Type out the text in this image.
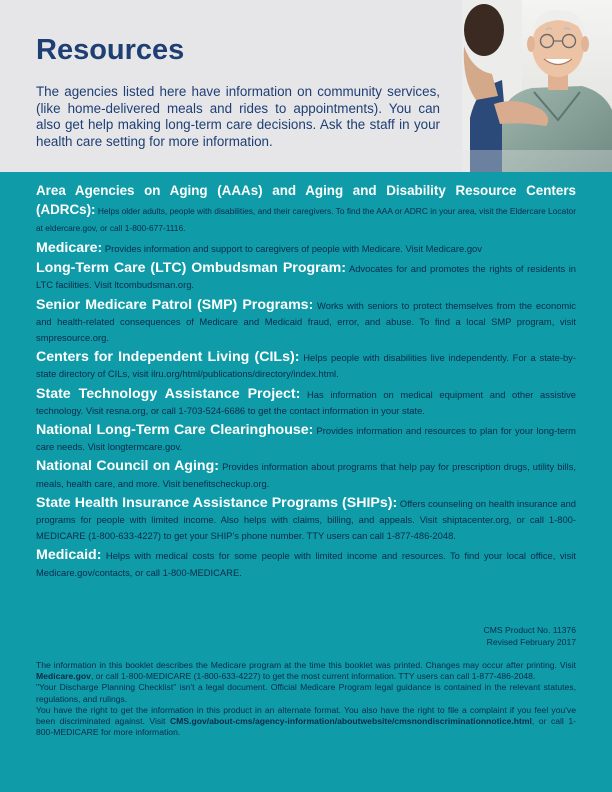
Resources

The agencies listed here have information on community services, (like home-delivered meals and rides to appointments). You can also get help making long-term care decisions. Ask the staff in your health care setting for more information.

Area Agencies on Aging (AAAs) and Aging and Disability Resource Centers (ADRCs): Helps older adults, people with disabilities, and their caregivers. To find the AAA or ADRC in your area, visit the Eldercare Locator at eldercare.gov, or call 1-800-677-1116.

Medicare: Provides information and support to caregivers of people with Medicare. Visit Medicare.gov

Long-Term Care (LTC) Ombudsman Program: Advocates for and promotes the rights of residents in LTC facilities. Visit ltcombudsman.org.

Senior Medicare Patrol (SMP) Programs: Works with seniors to protect themselves from the economic and health-related consequences of Medicare and Medicaid fraud, error, and abuse. To find a local SMP program, visit smpresource.org.

Centers for Independent Living (CILs): Helps people with disabilities live independently. For a state-by-state directory of CILs, visit ilru.org/html/publications/directory/index.html.

State Technology Assistance Project: Has information on medical equipment and other assistive technology. Visit resna.org, or call 1-703-524-6686 to get the contact information in your state.

National Long-Term Care Clearinghouse: Provides information and resources to plan for your long-term care needs. Visit longtermcare.gov.

National Council on Aging: Provides information about programs that help pay for prescription drugs, utility bills, meals, health care, and more. Visit benefitscheckup.org.

State Health Insurance Assistance Programs (SHIPs): Offers counseling on health insurance and programs for people with limited income. Also helps with claims, billing, and appeals. Visit shiptacenter.org, or call 1-800-MEDICARE (1-800-633-4227) to get your SHIP's phone number. TTY users can call 1-877-486-2048.

Medicaid: Helps with medical costs for some people with limited income and resources. To find your local office, visit Medicare.gov/contacts, or call 1-800-MEDICARE.

CMS Product No. 11376
Revised February 2017

The information in this booklet describes the Medicare program at the time this booklet was printed. Changes may occur after printing. Visit Medicare.gov, or call 1-800-MEDICARE (1-800-633-4227) to get the most current information. TTY users can call 1-877-486-2048.

"Your Discharge Planning Checklist" isn't a legal document. Official Medicare Program legal guidance is contained in the relevant statutes, regulations, and rulings.

You have the right to get the information in this product in an alternate format. You also have the right to file a complaint if you feel you've been discriminated against. Visit CMS.gov/about-cms/agency-information/aboutwebsite/cmsnondiscriminationnotice.html, or call 1-800-MEDICARE for more information.
